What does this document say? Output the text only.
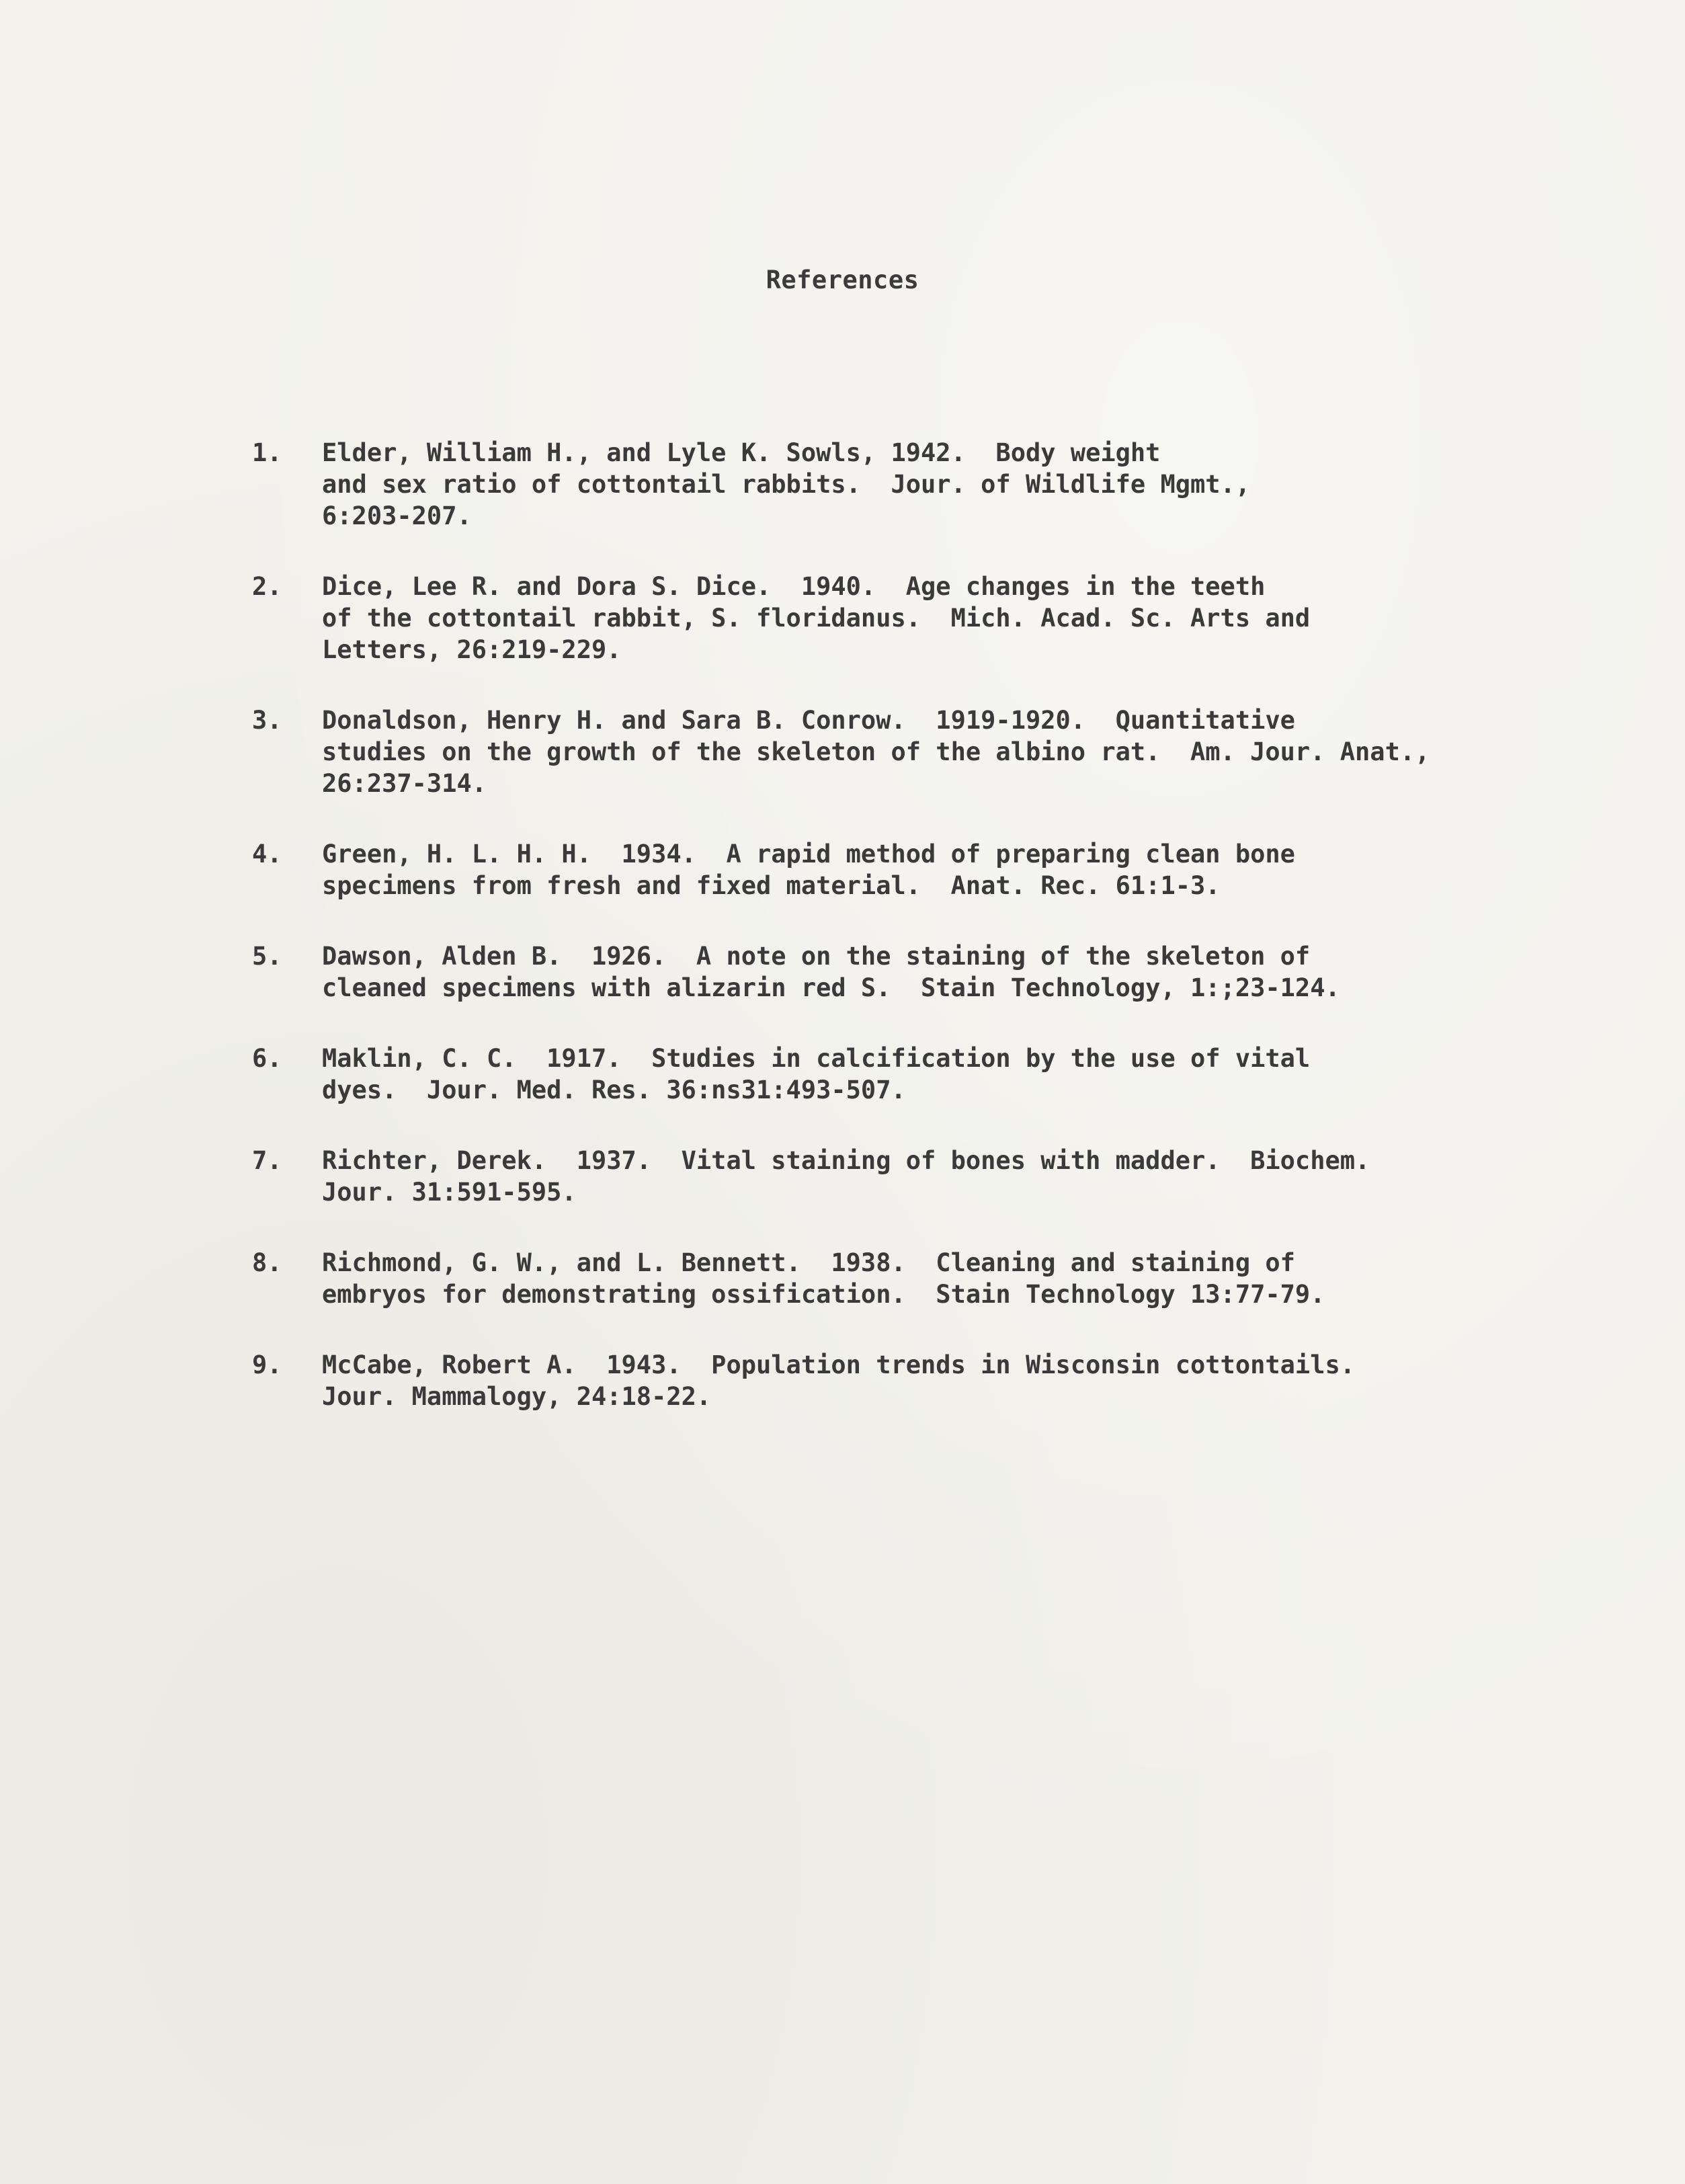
References
1.	Elder, William H., and Lyle K. Sowls, 1942.  Body weight
and sex ratio of cottontail rabbits.  Jour. of Wildlife Mgmt.,
6:203-207.
2.	Dice, Lee R. and Dora S. Dice.  1940.  Age changes in the teeth
of the cottontail rabbit, S. floridanus.  Mich. Acad. Sc. Arts and
Letters, 26:219-229.
3.	Donaldson, Henry H. and Sara B. Conrow.  1919-1920.  Quantitative
studies on the growth of the skeleton of the albino rat.  Am. Jour. Anat.,
26:237-314.
4.	Green, H. L. H. H.  1934.  A rapid method of preparing clean bone
specimens from fresh and fixed material.  Anat. Rec. 61:1-3.
5.	Dawson, Alden B.  1926.  A note on the staining of the skeleton of
cleaned specimens with alizarin red S.  Stain Technology, 1:;23-124.
6.	Maklin, C. C.  1917.  Studies in calcification by the use of vital
dyes.  Jour. Med. Res. 36:ns31:493-507.
7.	Richter, Derek.  1937.  Vital staining of bones with madder.  Biochem.
Jour. 31:591-595.
8.	Richmond, G. W., and L. Bennett.  1938.  Cleaning and staining of
embryos for demonstrating ossification.  Stain Technology 13:77-79.
9.	McCabe, Robert A.  1943.  Population trends in Wisconsin cottontails.
Jour. Mammalogy, 24:18-22.
